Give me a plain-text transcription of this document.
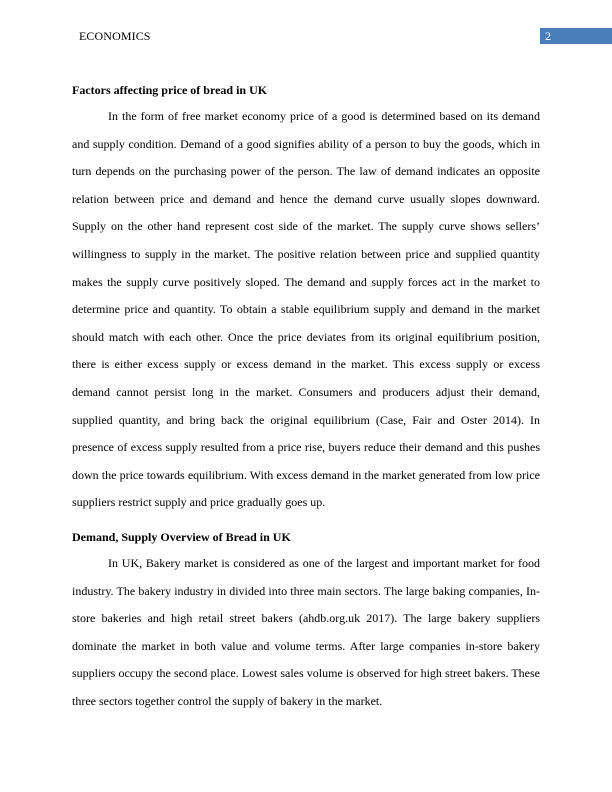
ECONOMICS	2

Factors affecting price of bread in UK

In the form of free market economy price of a good is determined based on its demand and supply condition. Demand of a good signifies ability of a person to buy the goods, which in turn depends on the purchasing power of the person. The law of demand indicates an opposite relation between price and demand and hence the demand curve usually slopes downward. Supply on the other hand represent cost side of the market. The supply curve shows sellers’ willingness to supply in the market. The positive relation between price and supplied quantity makes the supply curve positively sloped. The demand and supply forces act in the market to determine price and quantity. To obtain a stable equilibrium supply and demand in the market should match with each other. Once the price deviates from its original equilibrium position, there is either excess supply or excess demand in the market. This excess supply or excess demand cannot persist long in the market. Consumers and producers adjust their demand, supplied quantity, and bring back the original equilibrium (Case, Fair and Oster 2014). In presence of excess supply resulted from a price rise, buyers reduce their demand and this pushes down the price towards equilibrium. With excess demand in the market generated from low price suppliers restrict supply and price gradually goes up.

Demand, Supply Overview of Bread in UK

In UK, Bakery market is considered as one of the largest and important market for food industry. The bakery industry in divided into three main sectors. The large baking companies, In-store bakeries and high retail street bakers (ahdb.org.uk 2017). The large bakery suppliers dominate the market in both value and volume terms. After large companies in-store bakery suppliers occupy the second place. Lowest sales volume is observed for high street bakers. These three sectors together control the supply of bakery in the market.
